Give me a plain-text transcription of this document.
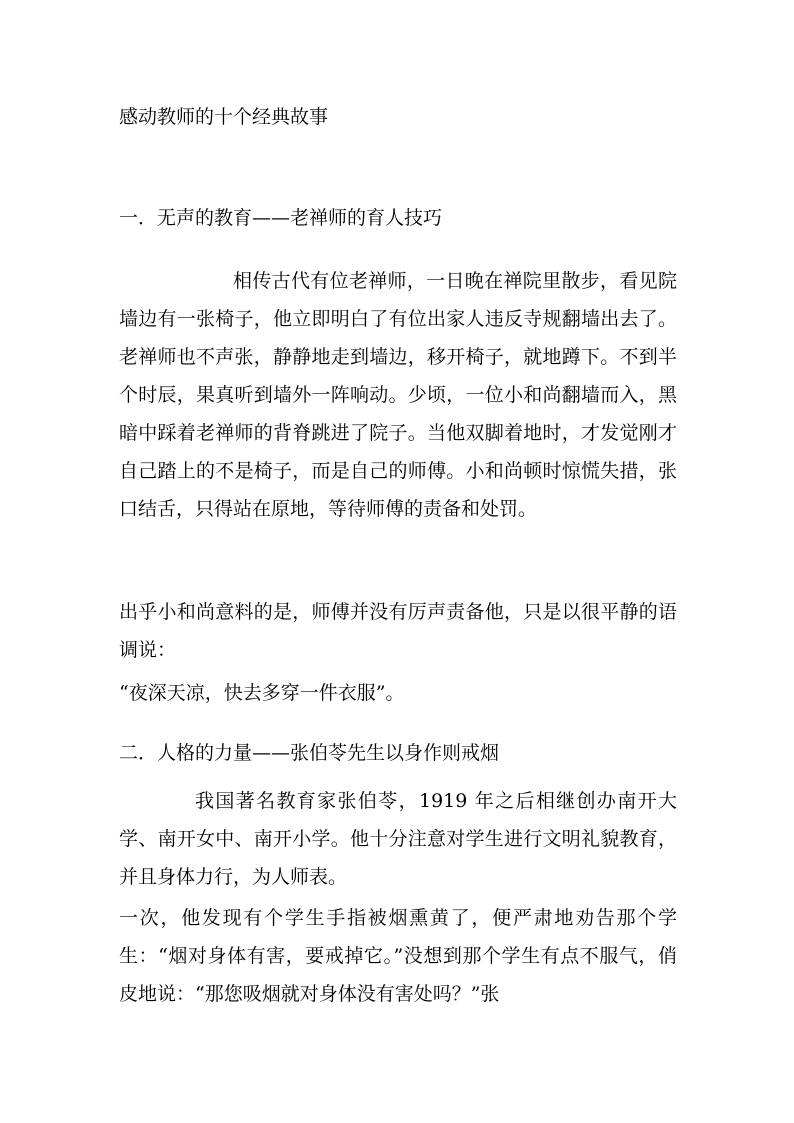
感动教师的十个经典故事
一．无声的教育——老禅师的育人技巧

相传古代有位老禅师，一日晚在禅院里散步，看见院墙边有一张椅子，他立即明白了有位出家人违反寺规翻墙出去了。老禅师也不声张，静静地走到墙边，移开椅子，就地蹲下。不到半个时辰，果真听到墙外一阵响动。少顷，一位小和尚翻墙而入，黑暗中踩着老禅师的背脊跳进了院子。当他双脚着地时，才发觉刚才自己踏上的不是椅子，而是自己的师傅。小和尚顿时惊慌失措，张口结舌，只得站在原地，等待师傅的责备和处罚。

出乎小和尚意料的是，师傅并没有厉声责备他，只是以很平静的语调说：

“夜深天凉，快去多穿一件衣服”。

二．人格的力量——张伯苓先生以身作则戒烟

我国著名教育家张伯苓，1919 年之后相继创办南开大学、南开女中、南开小学。他十分注意对学生进行文明礼貌教育，并且身体力行，为人师表。

一次，他发现有个学生手指被烟熏黄了，便严肃地劝告那个学生：“烟对身体有害，要戒掉它。”没想到那个学生有点不服气，俏皮地说：“那您吸烟就对身体没有害处吗？”张
